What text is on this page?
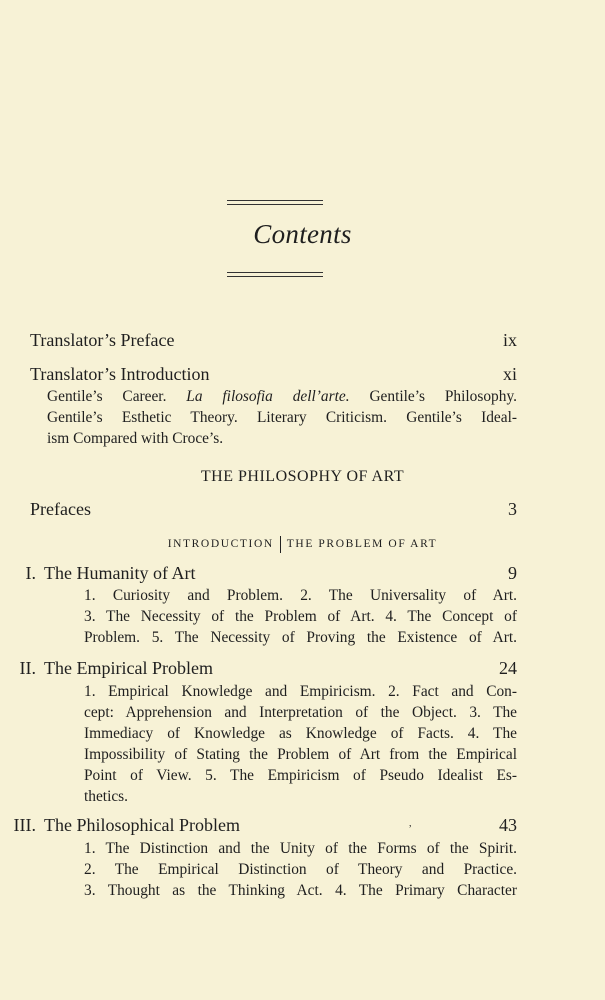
Contents
Translator’s Preface	ix
Translator’s Introduction	xi
Gentile’s Career. La filosofia dell’arte. Gentile’s Philosophy.
Gentile’s Esthetic Theory. Literary Criticism. Gentile’s Ideal-
ism Compared with Croce’s.
THE PHILOSOPHY OF ART
Prefaces	3
INTRODUCTION THE PROBLEM OF ART
I. The Humanity of Art	9
1. Curiosity and Problem. 2. The Universality of Art.
3. The Necessity of the Problem of Art. 4. The Concept of
Problem. 5. The Necessity of Proving the Existence of Art.
II. The Empirical Problem	24
1. Empirical Knowledge and Empiricism. 2. Fact and Con-
cept: Apprehension and Interpretation of the Object. 3. The
Immediacy of Knowledge as Knowledge of Facts. 4. The
Impossibility of Stating the Problem of Art from the Empirical
Point of View. 5. The Empiricism of Pseudo Idealist Es-
thetics.
III. The Philosophical Problem	43
,
1. The Distinction and the Unity of the Forms of the Spirit.
2. The Empirical Distinction of Theory and Practice.
3. Thought as the Thinking Act. 4. The Primary Character
